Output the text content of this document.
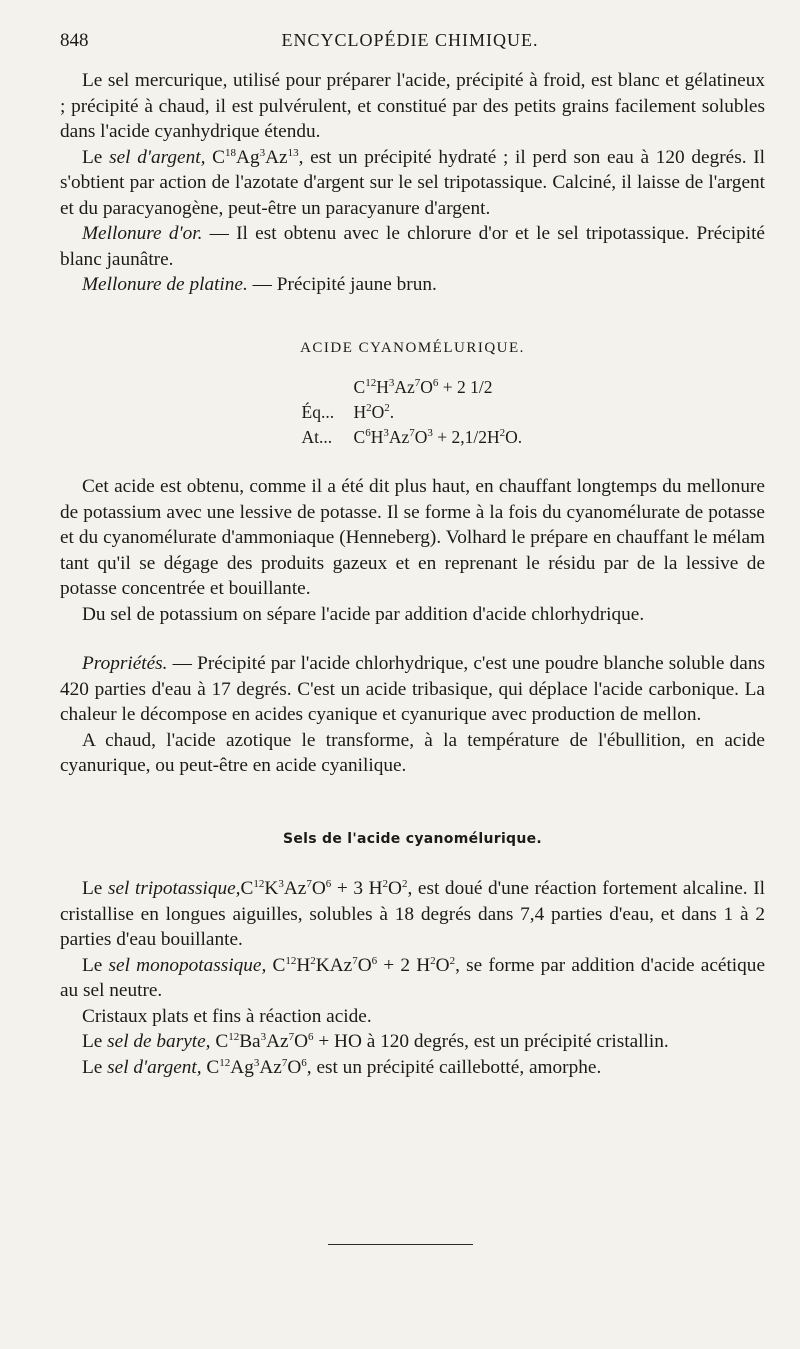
848	ENCYCLOPÉDIE CHIMIQUE.

Le sel mercurique, utilisé pour préparer l'acide, précipité à froid, est blanc et gélatineux ; précipité à chaud, il est pulvérulent, et constitué par des petits grains facilement solubles dans l'acide cyanhydrique étendu.

Le sel d'argent, $C^{18}Ag^3Az^{13}$, est un précipité hydraté ; il perd son eau à 120 degrés. Il s'obtient par action de l'azotate d'argent sur le sel tripotassique. Calciné, il laisse de l'argent et du paracyanogène, peut-être un paracyanure d'argent.

Mellonure d'or. — Il est obtenu avec le chlorure d'or et le sel tripotassique. Précipité blanc jaunâtre.

Mellonure de platine. — Précipité jaune brun.

ACIDE CYANOMÉLURIQUE.

$Éq...C^{12}H^3Az^7O^6 + 2$ 1/2 $H^2O^2$.
At... $C^6H^3Az^7O^3 + 2,1/2H^2O$.

Cet acide est obtenu, comme il a été dit plus haut, en chauffant longtemps du mellonure de potassium avec une lessive de potasse. Il se forme à la fois du cyanomélurate de potasse et du cyanomélurate d'ammoniaque (Henneberg). Volhard le prépare en chauffant le mélam tant qu'il se dégage des produits gazeux et en reprenant le résidu par de la lessive de potasse concentrée et bouillante.

Du sel de potassium on sépare l'acide par addition d'acide chlorhydrique.

Propriétés. — Précipité par l'acide chlorhydrique, c'est une poudre blanche soluble dans 420 parties d'eau à 17 degrés. C'est un acide tribasique, qui déplace l'acide carbonique. La chaleur le décompose en acides cyanique et cyanurique avec production de mellon.

A chaud, l'acide azotique le transforme, à la température de l'ébullition, en acide cyanurique, ou peut-être en acide cyanilique.

Sels de l'acide cyanomélurique.

Le sel $tripotassique,C^{12}K^3Az^7O^6 + 3$ $H^2O^2$, est doué d'une réaction fortement alcaline. Il cristallise en longues aiguilles, solubles à 18 degrés dans 7,4 parties d'eau, et dans 1 à 2 parties d'eau bouillante.

Le sel monopotassique, $C^{12}H^2KAz^7O^6 + 2$ $H^2O^2$, se forme par addition d'acide acétique au sel neutre.

Cristaux plats et fins à réaction acide.

Le sel de baryte, $C^{12}Ba^3Az^7O^6$ + HO à 120 degrés, est un précipité cristallin.

Le sel d'argent, $C^{12}Ag^3Az^7O^6$, est un précipité caillebotté, amorphe.
